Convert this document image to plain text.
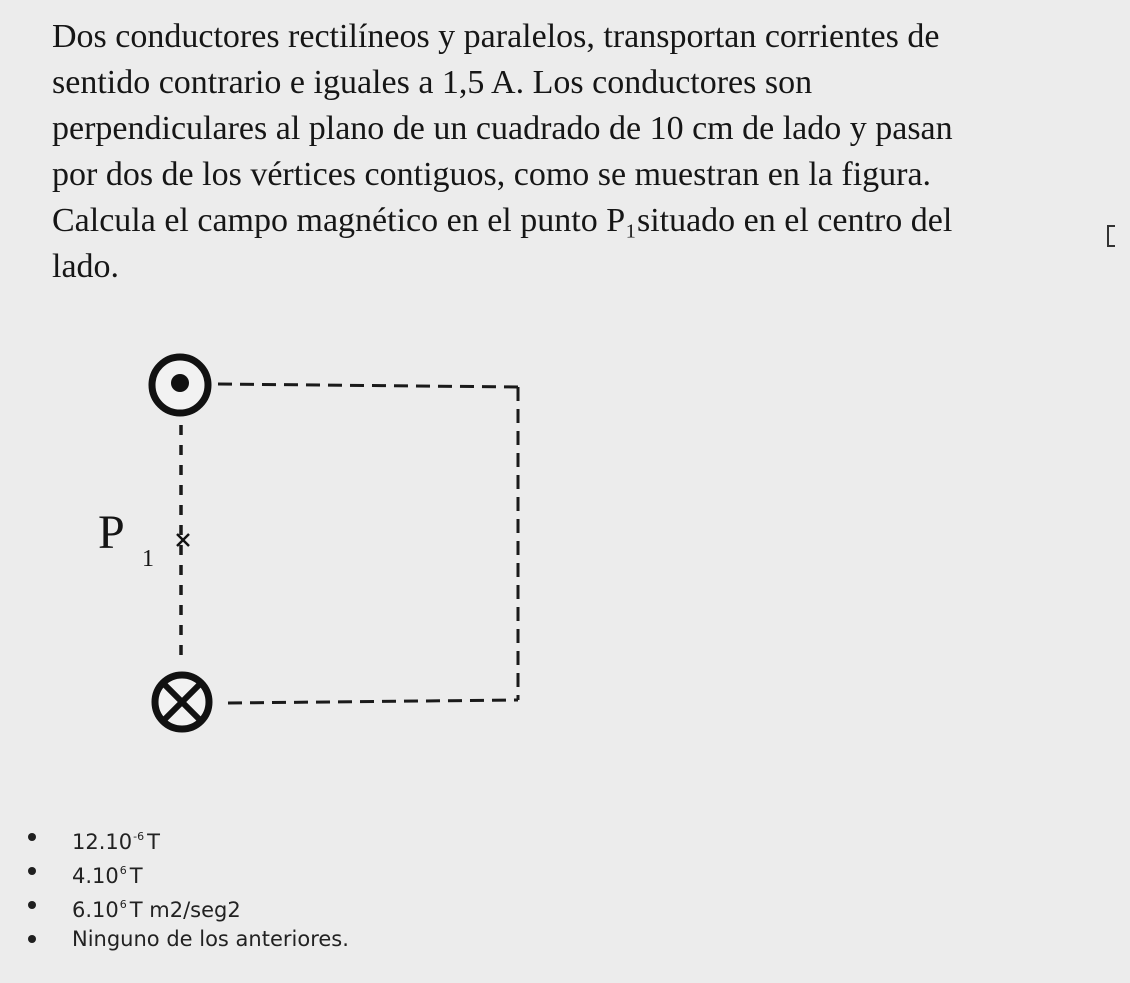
Dos conductores rectilíneos y paralelos, transportan corrientes de
sentido contrario e iguales a 1,5 A. Los conductores son
perpendiculares al plano de un cuadrado de 10 cm de lado y pasan
por dos de los vértices contiguos, como se muestran en la figura.
Calcula el campo magnético en el punto P₁situado en el centro del
lado.
P 1
$12.10^{-6}$ T
4.10$^6$ T
6.10$^6$ T m2/seg2
Ninguno de los anteriores.
